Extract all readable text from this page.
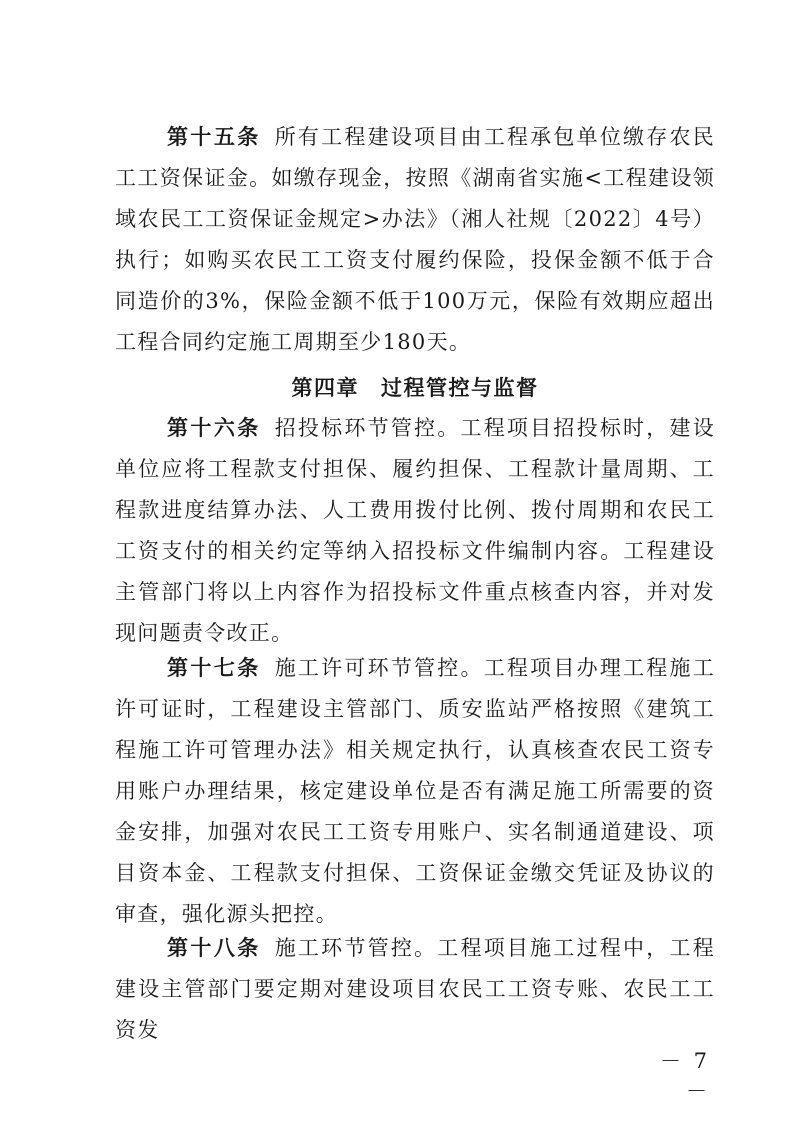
第十五条 所有工程建设项目由工程承包单位缴存农民工工资保证金。如缴存现金，按照《湖南省实施<工程建设领域农民工工资保证金规定>办法》（湘人社规〔2022〕4号）执行；如购买农民工工资支付履约保险，投保金额不低于合同造价的3%，保险金额不低于100万元，保险有效期应超出工程合同约定施工周期至少180天。

第四章 过程管控与监督

第十六条 招投标环节管控。工程项目招投标时，建设单位应将工程款支付担保、履约担保、工程款计量周期、工程款进度结算办法、人工费用拨付比例、拨付周期和农民工工资支付的相关约定等纳入招投标文件编制内容。工程建设主管部门将以上内容作为招投标文件重点核查内容，并对发现问题责令改正。

第十七条 施工许可环节管控。工程项目办理工程施工许可证时，工程建设主管部门、质安监站严格按照《建筑工程施工许可管理办法》相关规定执行，认真核查农民工资专用账户办理结果，核定建设单位是否有满足施工所需要的资金安排，加强对农民工工资专用账户、实名制通道建设、项目资本金、工程款支付担保、工资保证金缴交凭证及协议的审查，强化源头把控。

第十八条 施工环节管控。工程项目施工过程中，工程建设主管部门要定期对建设项目农民工工资专账、农民工工资发

－ 7 －
